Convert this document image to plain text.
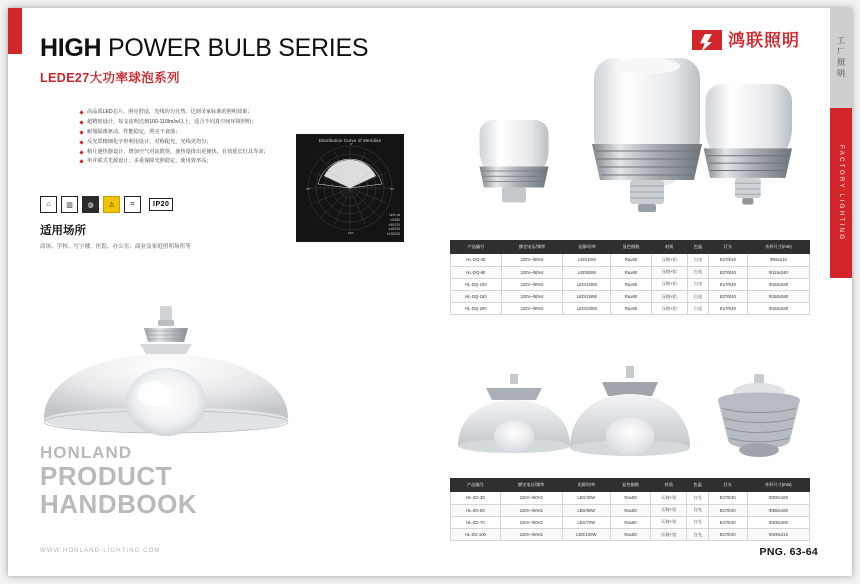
HIGH POWER BULB SERIES
LEDE27大功率球泡系列
高品质LED芯片，照亮舒适，光线均匀自然，达到국家标准的照明效果；
超精密设计，每支流明达到100-110lm/w以上，适合不同真空间环境照明；
耐划隔离驱动，性能稳定，照亮不衰落；
反光罩精细化字形利用设计，对称配光，光线更均匀；
精片翅热器设计，增加空气对流散射，使热量排出更便快，有效延长灯具寿命；
单并联式光源设计，多重保障光照稳定，使用效率高；
⌂	▥	◍	⚠	⌗	IP20
适用场所
商场、学校、写字楼、医院、办公室、商业及家庭照明场所等
Distribution Curve of Meridian
0°
90°
90°
180°
Unit: cd
c0/180
c90/270
c45/225
c135/315
HONLAND
PRODUCT
HANDBOOK
WWW.HONLAND-LIGHTING.COM
HONLAND
鸿联照明
智 造 品 质 之 光	工厂照明
FACTORY LIGHTING
产品编号	额定电压/频率	光源/功率	显色指数	材质	色温	灯头	外形尺寸(mm)
HL-DQ-40	220V~/50Hz	LED/40W	Ra≥80	压铸+铝	白光	E27/E40	Φ95x210
HL-DQ-60	220V~/50Hz	LED/60W	Ra≥80	压铸+铝	白光	E27/E40	Φ115x240
HL-DQ-100	220V~/50Hz	LED/100W	Ra≥80	压铸+铝	白光	E27/E40	Φ150x280
HL-DQ-150	220V~/50Hz	LED/150W	Ra≥80	压铸+铝	白光	E27/E40	Φ150x280
HL-DQ-200	220V~/50Hz	LED/200W	Ra≥80	压铸+铝	白光	E27/E40	Φ150x280
产品编号	额定电压/频率	光源/功率	显色指数	材质	色温	灯头	外形尺寸(mm)
HL-ZG-30	220V~/50Hz	LED/30W	Ra≥80	压铸+铝	白光	E27/E40	Φ300x165
HL-ZG-50	220V~/50Hz	LED/50W	Ra≥80	压铸+铝	白光	E27/E40	Φ350x190
HL-ZG-70	220V~/50Hz	LED/70W	Ra≥80	压铸+铝	白光	E27/E40	Φ400x200
HL-ZG-100	220V~/50Hz	LED/100W	Ra≥80	压铸+铝	白光	E27/E40	Φ400x215
PNG. 63-64
